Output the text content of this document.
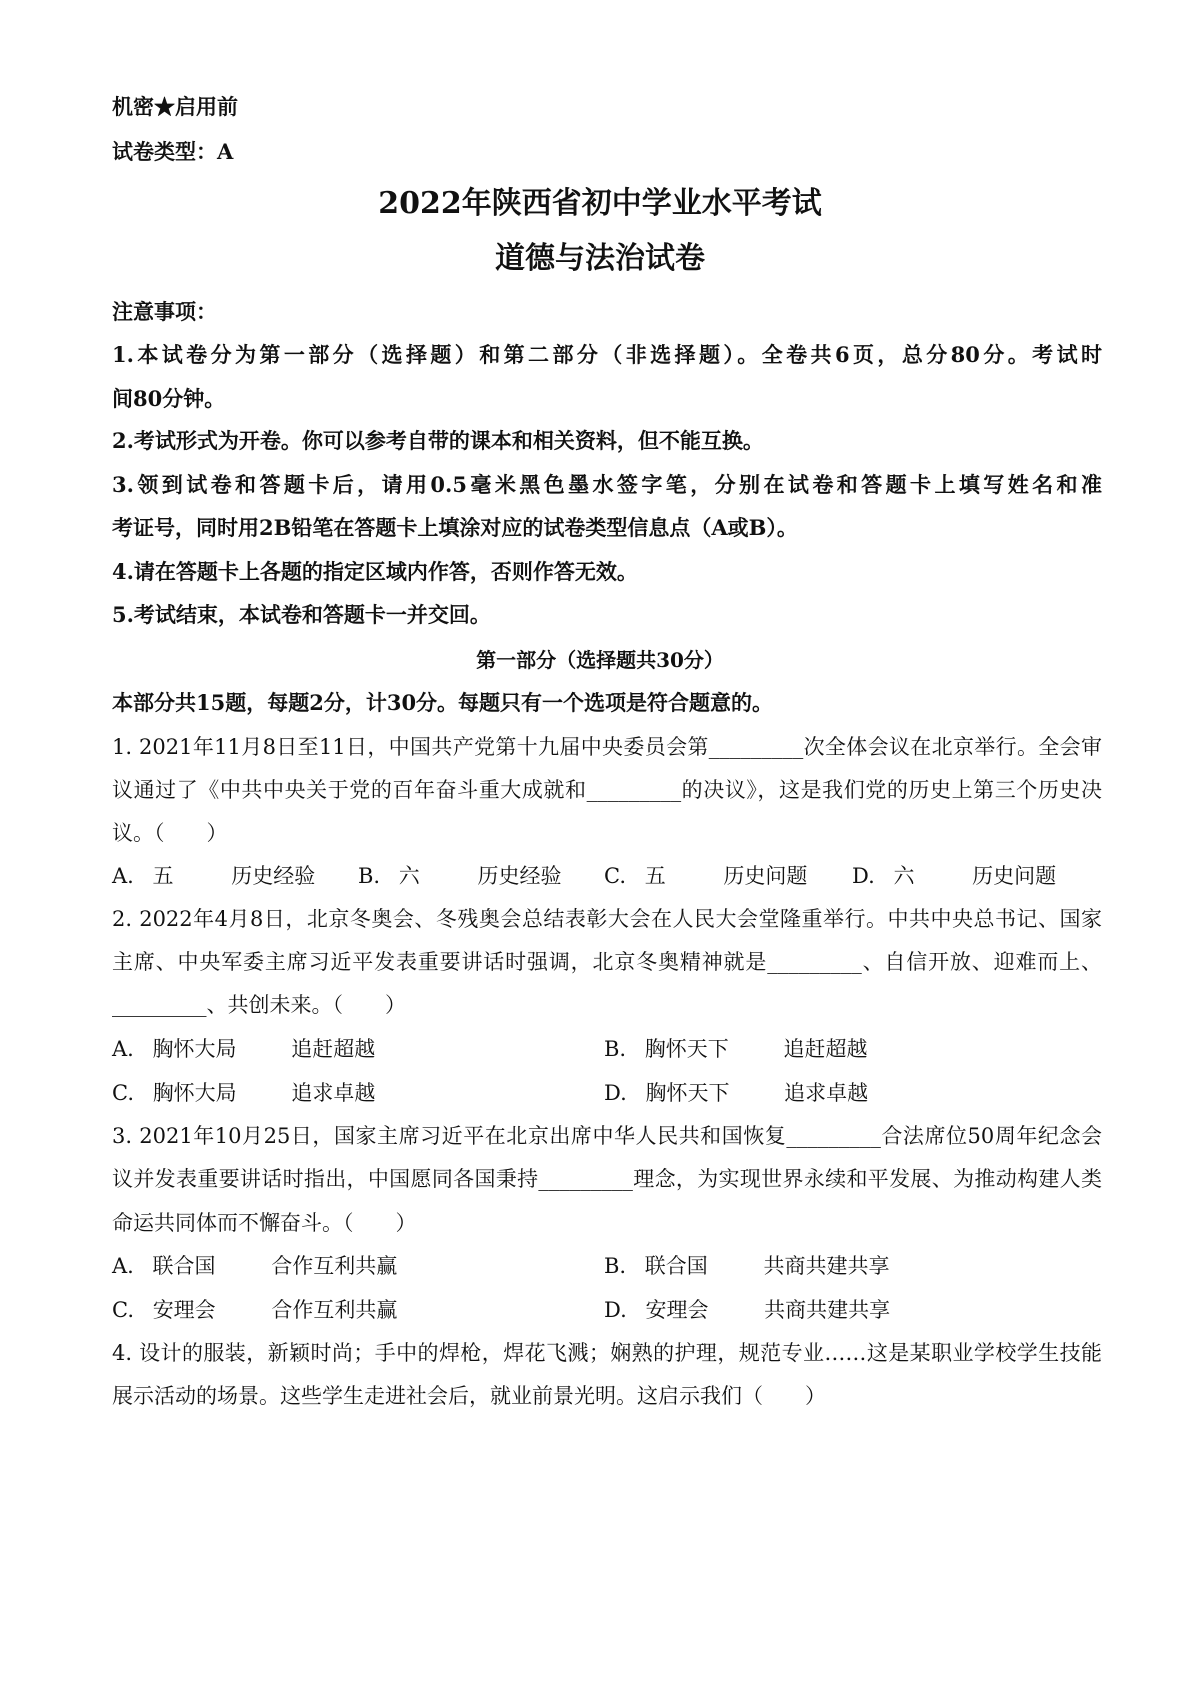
机密★启用前
试卷类型：A
2022年陕西省初中学业水平考试
道德与法治试卷
注意事项：
1.本试卷分为第一部分（选择题）和第二部分（非选择题）。全卷共6页，总分80分。考试时
间80分钟。
2.考试形式为开卷。你可以参考自带的课本和相关资料，但不能互换。
3.领到试卷和答题卡后，请用0.5毫米黑色墨水签字笔，分别在试卷和答题卡上填写姓名和准
考证号，同时用2B铅笔在答题卡上填涂对应的试卷类型信息点（A或B）。
4.请在答题卡上各题的指定区域内作答，否则作答无效。
5.考试结束，本试卷和答题卡一并交回。
第一部分（选择题共30分）
本部分共15题，每题2分，计30分。每题只有一个选项是符合题意的。
1. 2021年11月8日至11日，中国共产党第十九届中央委员会第_________次全体会议在北京举行。全会审
议通过了《中共中央关于党的百年奋斗重大成就和_________的决议》，这是我们党的历史上第三个历史决
议。（　　）
A. 五	历史经验 B. 六	历史经验 C. 五	历史问题 D. 六	历史问题
2. 2022年4月8日，北京冬奥会、冬残奥会总结表彰大会在人民大会堂隆重举行。中共中央总书记、国家
主席、中央军委主席习近平发表重要讲话时强调，北京冬奥精神就是_________、自信开放、迎难而上、
_________、共创未来。（　　）
A. 胸怀大局	追赶超越	B. 胸怀天下	追赶超越
C. 胸怀大局	追求卓越	D. 胸怀天下	追求卓越
3. 2021年10月25日，国家主席习近平在北京出席中华人民共和国恢复_________合法席位50周年纪念会
议并发表重要讲话时指出，中国愿同各国秉持_________理念，为实现世界永续和平发展、为推动构建人类
命运共同体而不懈奋斗。（　　）
A. 联合国	合作互利共赢	B. 联合国	共商共建共享
C. 安理会	合作互利共赢	D. 安理会	共商共建共享
4. 设计的服装，新颖时尚；手中的焊枪，焊花飞溅；娴熟的护理，规范专业……这是某职业学校学生技能
展示活动的场景。这些学生走进社会后，就业前景光明。这启示我们（　　）
